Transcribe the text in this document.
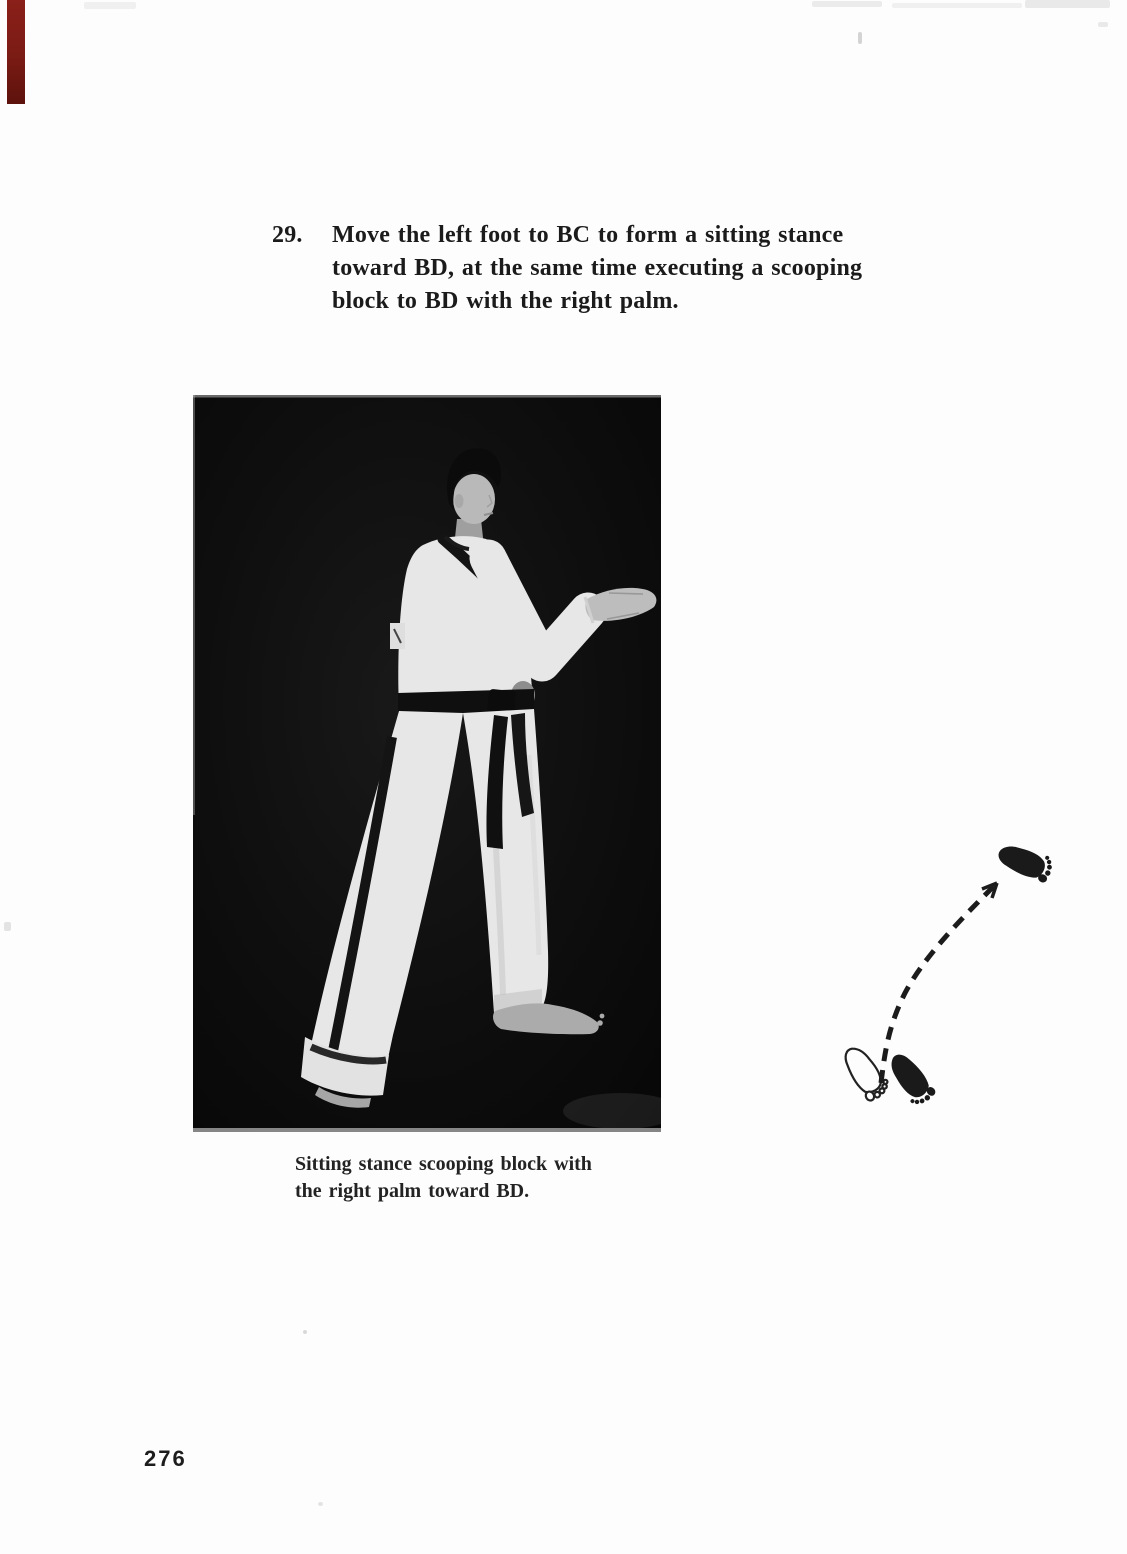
29.	Move the left foot to BC to form a sitting stance
toward BD, at the same time executing a scooping
block to BD with the right palm.
Sitting stance scooping block with
the right palm toward BD.
276
